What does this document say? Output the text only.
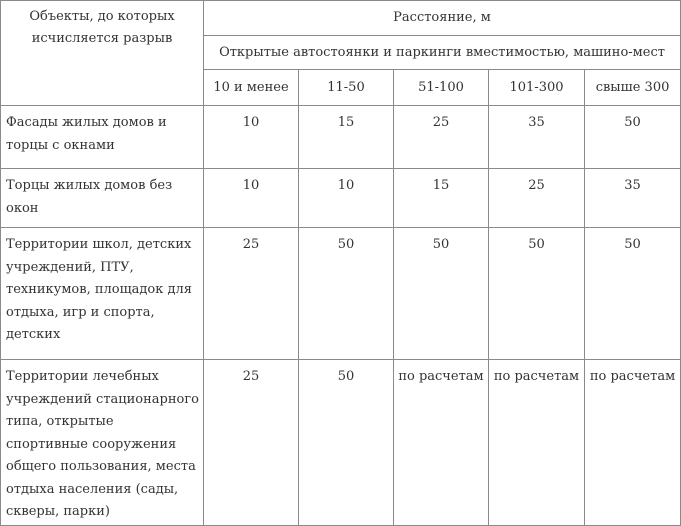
Объекты, до которых исчисляется разрыв	Расстояние, м				
	Открытые автостоянки и паркинги вместимостью, машино-мест				
	10 и менее	11-50	51-100	101-300	свыше 300
Фасады жилых домов и торцы с окнами	10	15	25	35	50
Торцы жилых домов без окон	10	10	15	25	35
Территории школ, детских учреждений, ПТУ, техникумов, площадок для отдыха, игр и спорта, детских	25	50	50	50	50
Территории лечебных учреждений стационарного типа, открытые спортивные сооружения общего пользования, места отдыха населения (сады, скверы, парки)	25	50	по расчетам	по расчетам	по расчетам
